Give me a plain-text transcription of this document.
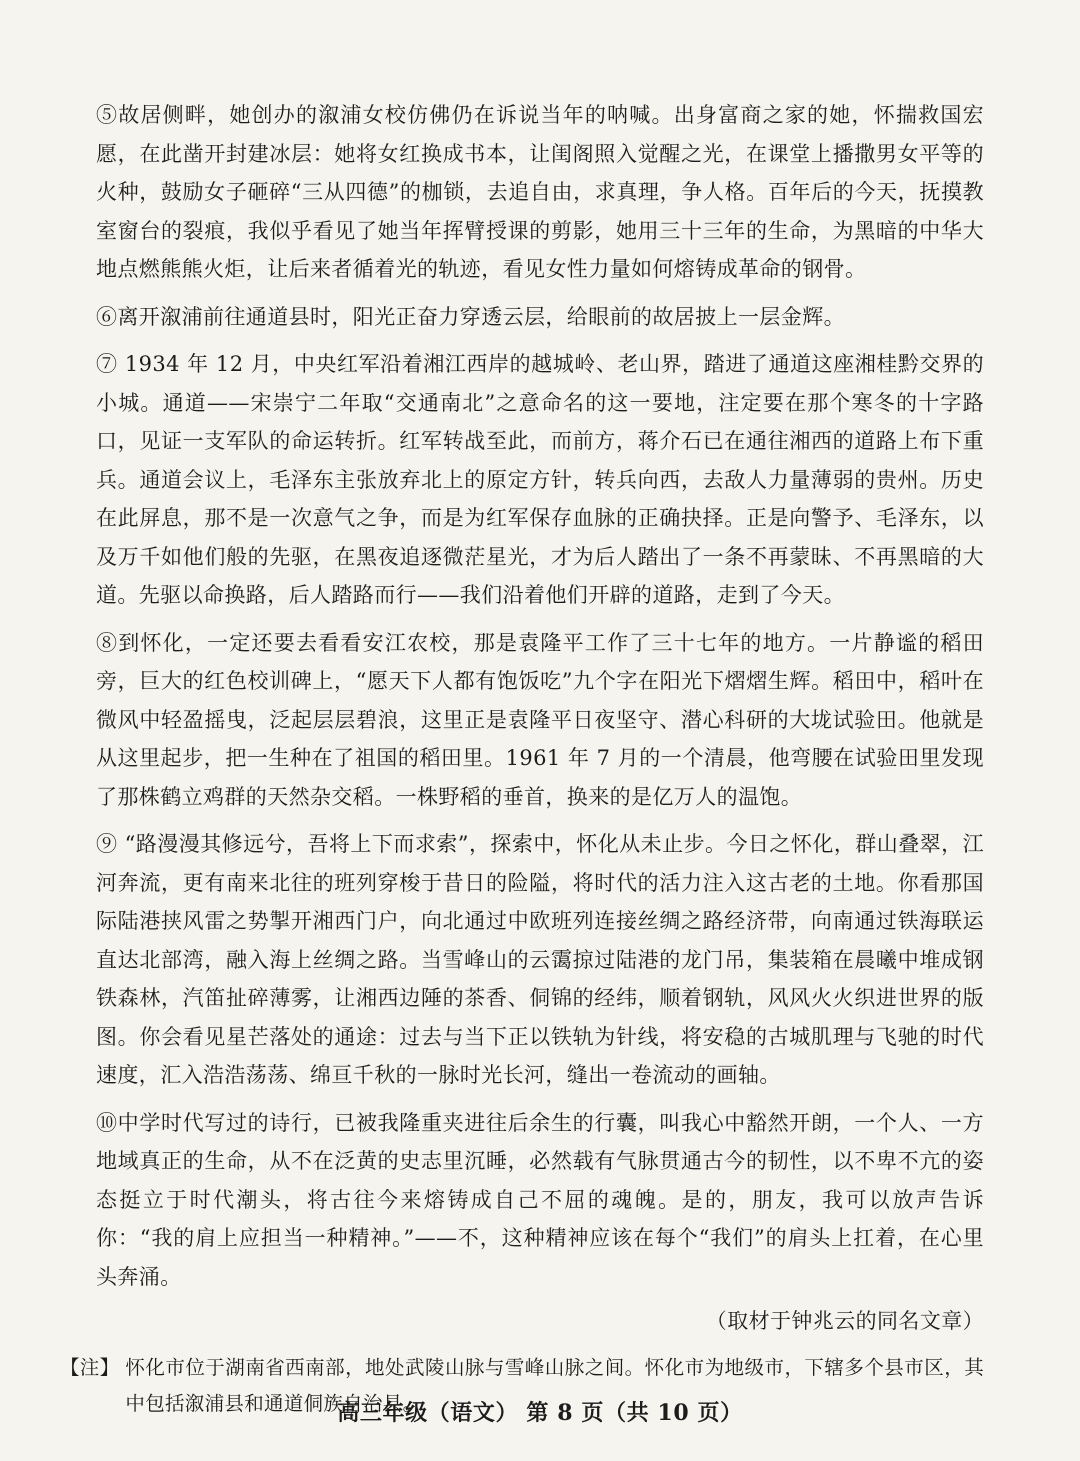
⑤故居侧畔，她创办的溆浦女校仿佛仍在诉说当年的呐喊。出身富商之家的她，怀揣救国宏愿，在此凿开封建冰层：她将女红换成书本，让闺阁照入觉醒之光，在课堂上播撒男女平等的火种，鼓励女子砸碎“三从四德”的枷锁，去追自由，求真理，争人格。百年后的今天，抚摸教室窗台的裂痕，我似乎看见了她当年挥臂授课的剪影，她用三十三年的生命，为黑暗的中华大地点燃熊熊火炬，让后来者循着光的轨迹，看见女性力量如何熔铸成革命的钢骨。

⑥离开溆浦前往通道县时，阳光正奋力穿透云层，给眼前的故居披上一层金辉。

⑦ 1934 年 12 月，中央红军沿着湘江西岸的越城岭、老山界，踏进了通道这座湘桂黔交界的小城。通道——宋崇宁二年取“交通南北”之意命名的这一要地，注定要在那个寒冬的十字路口，见证一支军队的命运转折。红军转战至此，而前方，蒋介石已在通往湘西的道路上布下重兵。通道会议上，毛泽东主张放弃北上的原定方针，转兵向西，去敌人力量薄弱的贵州。历史在此屏息，那不是一次意气之争，而是为红军保存血脉的正确抉择。正是向警予、毛泽东，以及万千如他们般的先驱，在黑夜追逐微茫星光，才为后人踏出了一条不再蒙昧、不再黑暗的大道。先驱以命换路，后人踏路而行——我们沿着他们开辟的道路，走到了今天。

⑧到怀化，一定还要去看看安江农校，那是袁隆平工作了三十七年的地方。一片静谧的稻田旁，巨大的红色校训碑上，“愿天下人都有饱饭吃”九个字在阳光下熠熠生辉。稻田中，稻叶在微风中轻盈摇曳，泛起层层碧浪，这里正是袁隆平日夜坚守、潜心科研的大垅试验田。他就是从这里起步，把一生种在了祖国的稻田里。1961 年 7 月的一个清晨，他弯腰在试验田里发现了那株鹤立鸡群的天然杂交稻。一株野稻的垂首，换来的是亿万人的温饱。

⑨ “路漫漫其修远兮，吾将上下而求索”，探索中，怀化从未止步。今日之怀化，群山叠翠，江河奔流，更有南来北往的班列穿梭于昔日的险隘，将时代的活力注入这古老的土地。你看那国际陆港挟风雷之势掣开湘西门户，向北通过中欧班列连接丝绸之路经济带，向南通过铁海联运直达北部湾，融入海上丝绸之路。当雪峰山的云霭掠过陆港的龙门吊，集装箱在晨曦中堆成钢铁森林，汽笛扯碎薄雾，让湘西边陲的茶香、侗锦的经纬，顺着钢轨，风风火火织进世界的版图。你会看见星芒落处的通途：过去与当下正以铁轨为针线，将安稳的古城肌理与飞驰的时代速度，汇入浩浩荡荡、绵亘千秋的一脉时光长河，缝出一卷流动的画轴。

⑩中学时代写过的诗行，已被我隆重夹进往后余生的行囊，叫我心中豁然开朗，一个人、一方地域真正的生命，从不在泛黄的史志里沉睡，必然载有气脉贯通古今的韧性，以不卑不亢的姿态挺立于时代潮头，将古往今来熔铸成自己不屈的魂魄。是的，朋友，我可以放声告诉你：“我的肩上应担当一种精神。”——不，这种精神应该在每个“我们”的肩头上扛着，在心里头奔涌。

（取材于钟兆云的同名文章）

【注】 怀化市位于湖南省西南部，地处武陵山脉与雪峰山脉之间。怀化市为地级市，下辖多个县市区，其中包括溆浦县和通道侗族自治县。
高三年级（语文） 第 8 页（共 10 页）
